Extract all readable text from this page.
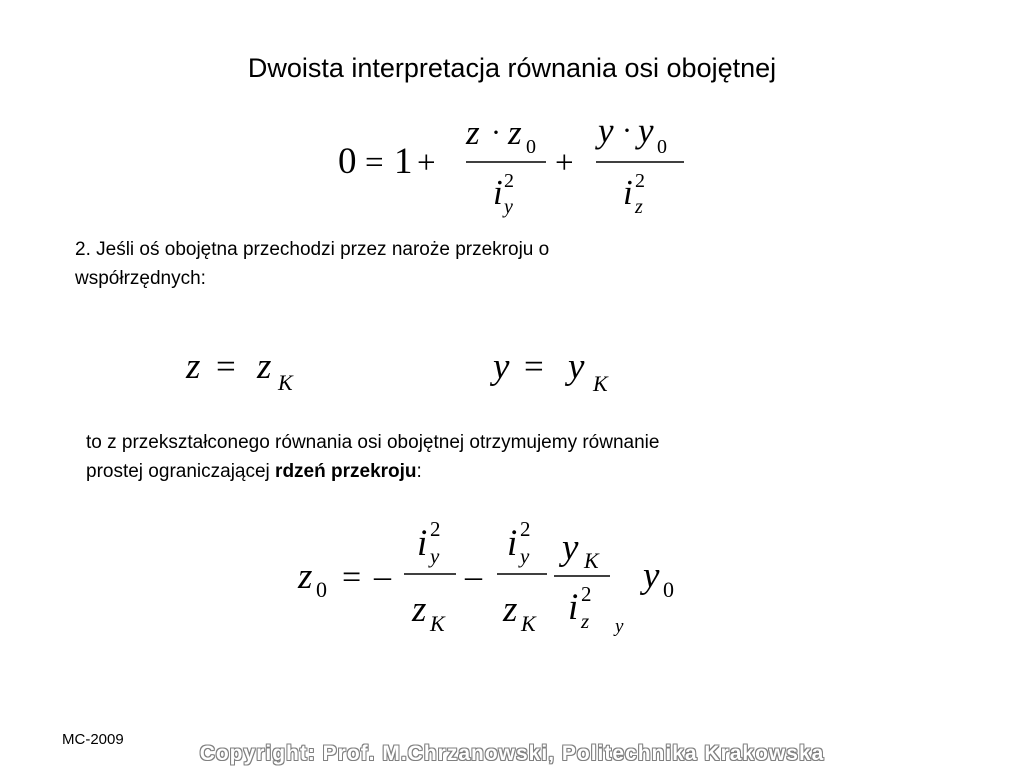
Dwoista interpretacja równania osi obojętnej
0 = 1 +
z · z 0
i 2
y
+
y · y 0
i 2
z
2. Jeśli oś obojętna przechodzi przez naroże przekroju o
współrzędnych:
z = z K	y = y K
to z przekształconego równania osi obojętnej otrzymujemy równanie
prostej ograniczającej rdzeń przekroju:
z 0 = –
i 2
y
z K
–
i 2
y
z K
y K
i 2
z y
y 0
MC-2009
Copyright: Prof. M.Chrzanowski, Politechnika Krakowska
